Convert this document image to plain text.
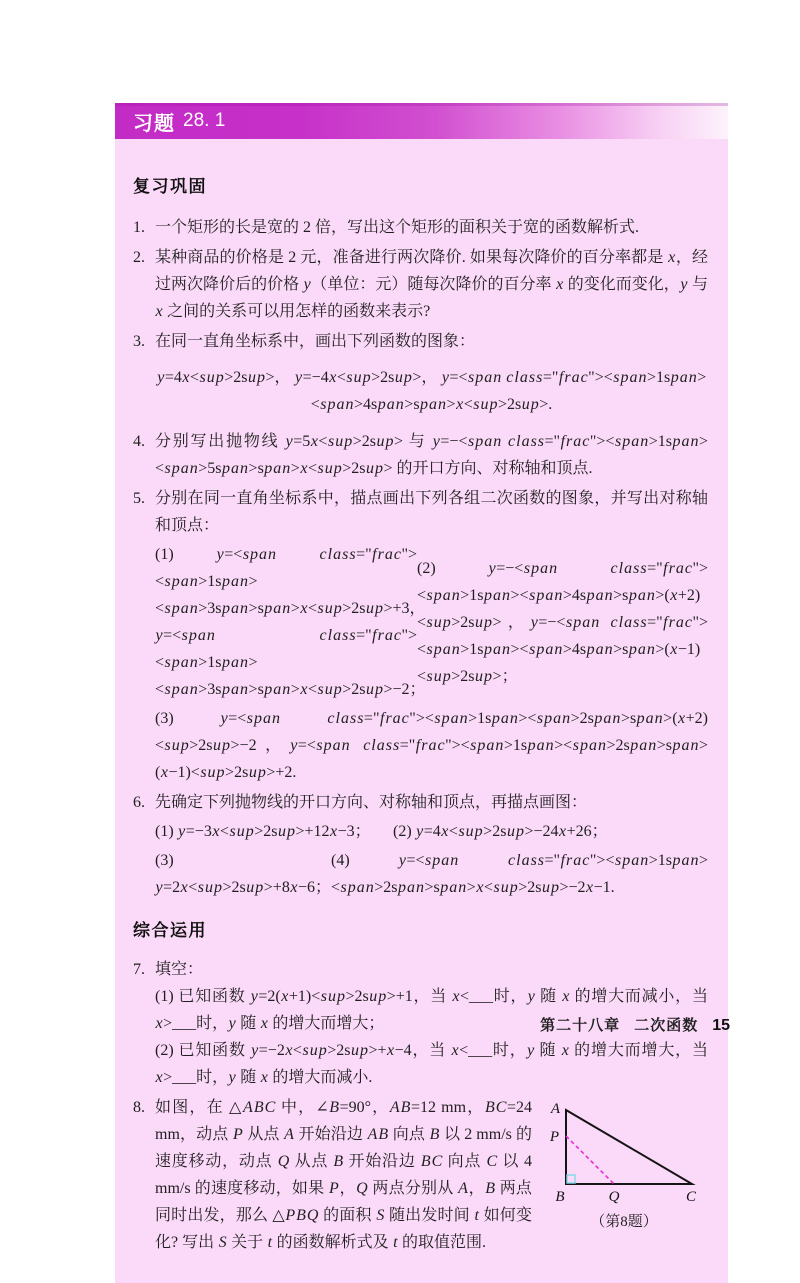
习题 28. 1
复习巩固
1. 一个矩形的长是宽的 2 倍，写出这个矩形的面积关于宽的函数解析式.
2. 某种商品的价格是 2 元，准备进行两次降价. 如果每次降价的百分率都是 x，经过两次降价后的价格 y（单位：元）随每次降价的百分率 x 的变化而变化，y 与 x 之间的关系可以用怎样的函数来表示?
3. 在同一直角坐标系中，画出下列函数的图象：
y=4x<sup>2sup>， y=−4x<sup>2sup>， y=<span class="frac"><span>1span><span>4span>span>x<sup>2sup>.
4. 分别写出抛物线 y=5x<sup>2sup> 与 y=−<span class="frac"><span>1span><span>5span>span>x<sup>2sup> 的开口方向、对称轴和顶点.
5. 分别在同一直角坐标系中，描点画出下列各组二次函数的图象，并写出对称轴和顶点：
(1) y=<span	class="frac"><span>1span><span>3span>span>x<sup>2sup>+3，y=<span	class="frac"><span>1span><span>3span>span>x<sup>2sup>−2；
(2) y=−<span	class="frac"><span>1span><span>4span>span>(x+2)<sup>2sup>，y=−<span class="frac"><span>1span><span>4span>span>(x−1)<sup>2sup>；
(3) y=<span	class="frac"><span>1span><span>2span>span>(x+2)<sup>2sup>−2，y=<span class="frac"><span>1span><span>2span>span>(x−1)<sup>2sup>+2.
6. 先确定下列抛物线的开口方向、对称轴和顶点，再描点画图：
(1) y=−3x<sup>2sup>+12x−3；	(2) y=4x<sup>2sup>−24x+26；
(3) y=2x<sup>2sup>+8x−6；
(4) y=<span	class="frac"><span>1span><span>2span>span>x<sup>2sup>−2x−1.
综合运用
7. 填空：
(1) 已知函数 y=2(x+1)<sup>2sup>+1，当 x<___时，y 随 x 的增大而减小，当 x>___时，y 随 x 的增大而增大；
(2) 已知函数 y=−2x<sup>2sup>+x−4，当 x<___时，y 随 x 的增大而增大，当 x>___时，y 随 x 的增大而减小.
8.	A
P
B	Q	C
（第8题）
如图，在 △ABC 中，∠B=90°，AB=12 mm，BC=24 mm，动点 P 从点 A 开始沿边 AB 向点 B 以 2 mm/s 的速度移动，动点 Q 从点 B 开始沿边 BC 向点 C 以 4 mm/s 的速度移动，如果 P，Q 两点分别从 A，B 两点同时出发，那么 △PBQ 的面积 S 随出发时间 t 如何变化? 写出 S 关于 t 的函数解析式及 t 的取值范围.
第二十八章 二次函数 15
